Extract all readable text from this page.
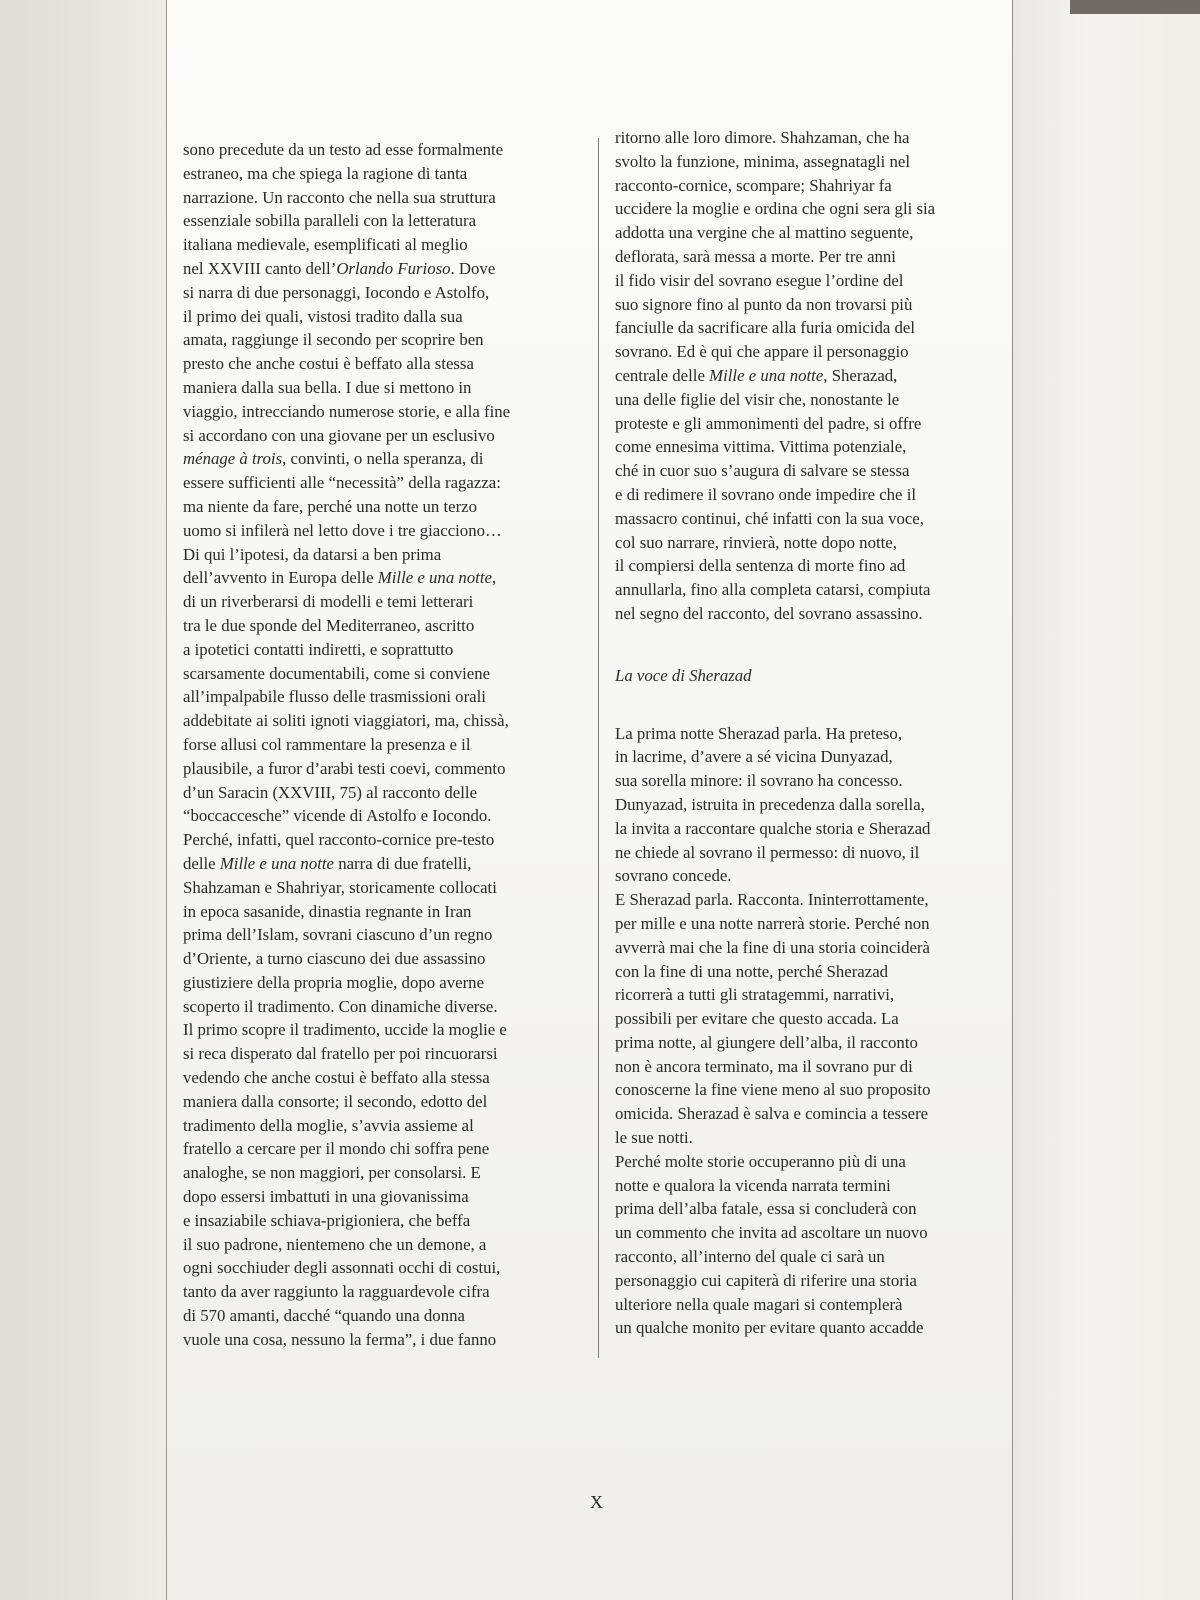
sono precedute da un testo ad esse formalmente
estraneo, ma che spiega la ragione di tanta
narrazione. Un racconto che nella sua struttura
essenziale sobilla paralleli con la letteratura
italiana medievale, esemplificati al meglio
nel XXVIII canto dell’Orlando Furioso. Dove
si narra di due personaggi, Iocondo e Astolfo,
il primo dei quali, vistosi tradito dalla sua
amata, raggiunge il secondo per scoprire ben
presto che anche costui è beffato alla stessa
maniera dalla sua bella. I due si mettono in
viaggio, intrecciando numerose storie, e alla fine
si accordano con una giovane per un esclusivo
ménage à trois, convinti, o nella speranza, di
essere sufficienti alle “necessità” della ragazza:
ma niente da fare, perché una notte un terzo
uomo si infilerà nel letto dove i tre giacciono…
Di qui l’ipotesi, da datarsi a ben prima
dell’avvento in Europa delle Mille e una notte,
di un riverberarsi di modelli e temi letterari
tra le due sponde del Mediterraneo, ascritto
a ipotetici contatti indiretti, e soprattutto
scarsamente documentabili, come si conviene
all’impalpabile flusso delle trasmissioni orali
addebitate ai soliti ignoti viaggiatori, ma, chissà,
forse allusi col rammentare la presenza e il
plausibile, a furor d’arabi testi coevi, commento
d’un Saracin (XXVIII, 75) al racconto delle
“boccaccesche” vicende di Astolfo e Iocondo.
Perché, infatti, quel racconto-cornice pre-testo
delle Mille e una notte narra di due fratelli,
Shahzaman e Shahriyar, storicamente collocati
in epoca sasanide, dinastia regnante in Iran
prima dell’Islam, sovrani ciascuno d’un regno
d’Oriente, a turno ciascuno dei due assassino
giustiziere della propria moglie, dopo averne
scoperto il tradimento. Con dinamiche diverse.
Il primo scopre il tradimento, uccide la moglie e
si reca disperato dal fratello per poi rincuorarsi
vedendo che anche costui è beffato alla stessa
maniera dalla consorte; il secondo, edotto del
tradimento della moglie, s’avvia assieme al
fratello a cercare per il mondo chi soffra pene
analoghe, se non maggiori, per consolarsi. E
dopo essersi imbattuti in una giovanissima
e insaziabile schiava-prigioniera, che beffa
il suo padrone, nientemeno che un demone, a
ogni socchiuder degli assonnati occhi di costui,
tanto da aver raggiunto la ragguardevole cifra
di 570 amanti, dacché “quando una donna
vuole una cosa, nessuno la ferma”, i due fanno
ritorno alle loro dimore. Shahzaman, che ha
svolto la funzione, minima, assegnatagli nel
racconto-cornice, scompare; Shahriyar fa
uccidere la moglie e ordina che ogni sera gli sia
addotta una vergine che al mattino seguente,
deflorata, sarà messa a morte. Per tre anni
il fido visir del sovrano esegue l’ordine del
suo signore fino al punto da non trovarsi più
fanciulle da sacrificare alla furia omicida del
sovrano. Ed è qui che appare il personaggio
centrale delle Mille e una notte, Sherazad,
una delle figlie del visir che, nonostante le
proteste e gli ammonimenti del padre, si offre
come ennesima vittima. Vittima potenziale,
ché in cuor suo s’augura di salvare se stessa
e di redimere il sovrano onde impedire che il
massacro continui, ché infatti con la sua voce,
col suo narrare, rinvierà, notte dopo notte,
il compiersi della sentenza di morte fino ad
annullarla, fino alla completa catarsi, compiuta
nel segno del racconto, del sovrano assassino.
La voce di Sherazad
La prima notte Sherazad parla. Ha preteso,
in lacrime, d’avere a sé vicina Dunyazad,
sua sorella minore: il sovrano ha concesso.
Dunyazad, istruita in precedenza dalla sorella,
la invita a raccontare qualche storia e Sherazad
ne chiede al sovrano il permesso: di nuovo, il
sovrano concede.
E Sherazad parla. Racconta. Ininterrottamente,
per mille e una notte narrerà storie. Perché non
avverrà mai che la fine di una storia coinciderà
con la fine di una notte, perché Sherazad
ricorrerà a tutti gli stratagemmi, narrativi,
possibili per evitare che questo accada. La
prima notte, al giungere dell’alba, il racconto
non è ancora terminato, ma il sovrano pur di
conoscerne la fine viene meno al suo proposito
omicida. Sherazad è salva e comincia a tessere
le sue notti.
Perché molte storie occuperanno più di una
notte e qualora la vicenda narrata termini
prima dell’alba fatale, essa si concluderà con
un commento che invita ad ascoltare un nuovo
racconto, all’interno del quale ci sarà un
personaggio cui capiterà di riferire una storia
ulteriore nella quale magari si contemplerà
un qualche monito per evitare quanto accadde
X
